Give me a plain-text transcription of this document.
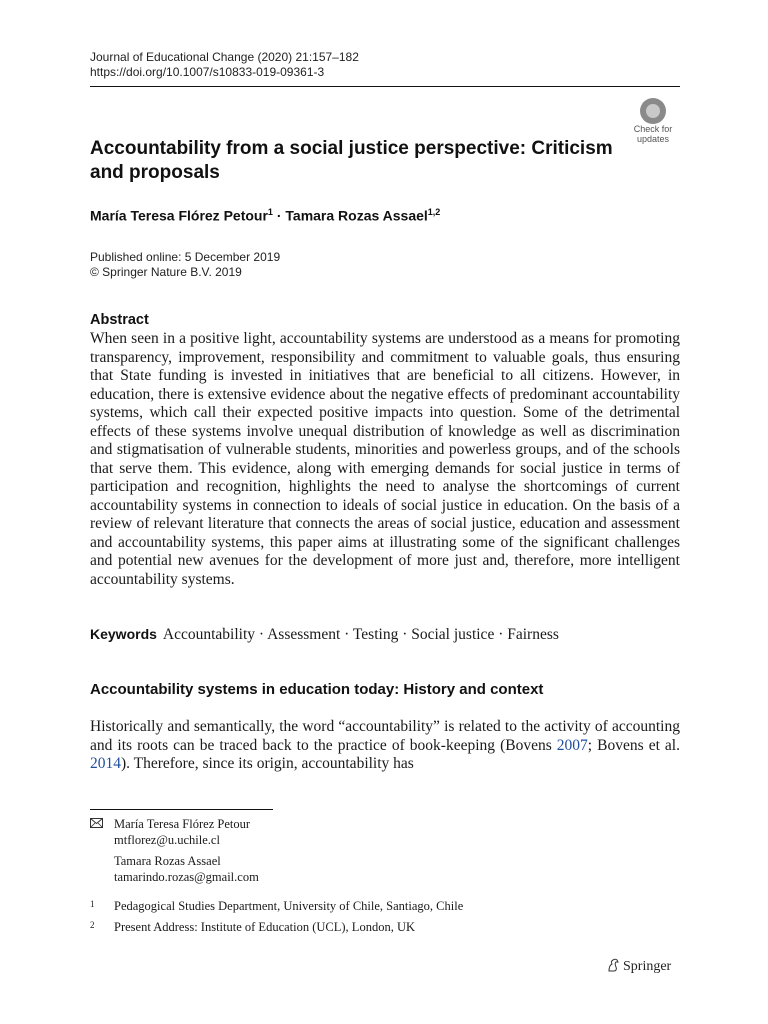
Journal of Educational Change (2020) 21:157–182
https://doi.org/10.1007/s10833-019-09361-3
Check for
updates
Accountability from a social justice perspective: Criticism and proposals
María Teresa Flórez Petour$^1$ · Tamara Rozas Assael$^{1,2}$
Published online: 5 December 2019
© Springer Nature B.V. 2019
Abstract
When seen in a positive light, accountability systems are understood as a means for promoting transparency, improvement, responsibility and commitment to valuable goals, thus ensuring that State funding is invested in initiatives that are beneficial to all citizens. However, in education, there is extensive evidence about the negative effects of predominant accountability systems, which call their expected positive impacts into question. Some of the detrimental effects of these systems involve unequal distribution of knowledge as well as discrimination and stigmatisation of vulnerable students, minorities and powerless groups, and of the schools that serve them. This evidence, along with emerging demands for social justice in terms of participation and recognition, highlights the need to analyse the shortcomings of current accountability systems in connection to ideals of social justice in education. On the basis of a review of relevant literature that connects the areas of social justice, education and assessment and accountability systems, this paper aims at illustrating some of the significant challenges and potential new avenues for the development of more just and, therefore, more intelligent accountability systems.
Keywords Accountability · Assessment · Testing · Social justice · Fairness
Accountability systems in education today: History and context
Historically and semantically, the word “accountability” is related to the activity of accounting and its roots can be traced back to the practice of book-keeping (Bovens 2007; Bovens et al. 2014). Therefore, since its origin, accountability has
María Teresa Flórez Petour
mtflorez@u.uchile.cl
Tamara Rozas Assael
tamarindo.rozas@gmail.com
1	Pedagogical Studies Department, University of Chile, Santiago, Chile
2	Present Address: Institute of Education (UCL), London, UK
Springer
